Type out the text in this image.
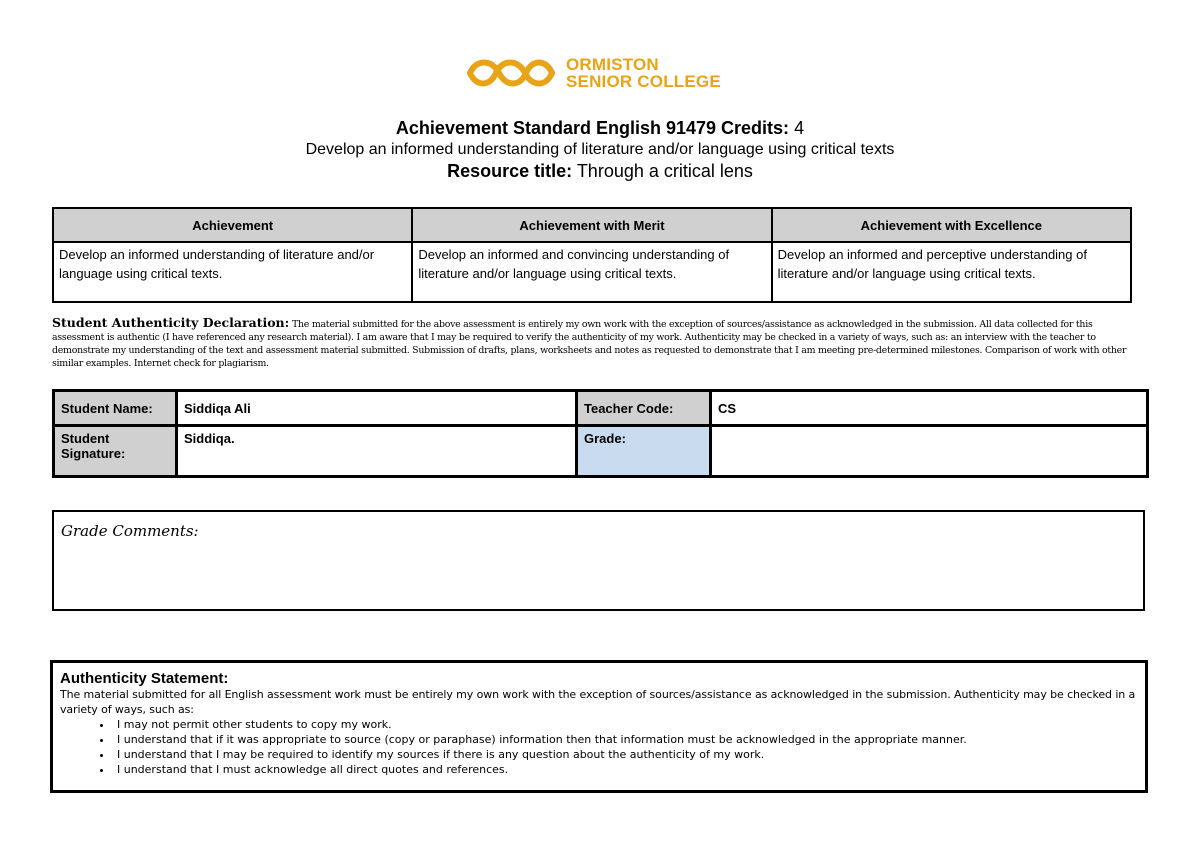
ORMISTON
SENIOR COLLEGE
Achievement Standard English 91479 Credits: 4
Develop an informed understanding of literature and/or language using critical texts
Resource title: Through a critical lens
Achievement	Achievement with Merit	Achievement with Excellence
Develop an informed understanding of literature and/or language using critical texts.	Develop an informed and convincing understanding of literature and/or language using critical texts.	Develop an informed and perceptive understanding of literature and/or language using critical texts.
Student Authenticity Declaration: The material submitted for the above assessment is entirely my own work with the exception of sources/assistance as acknowledged in the submission. All data collected for this assessment is authentic (I have referenced any research material). I am aware that I may be required to verify the authenticity of my work. Authenticity may be checked in a variety of ways, such as: an interview with the teacher to demonstrate my understanding of the text and assessment material submitted. Submission of drafts, plans, worksheets and notes as requested to demonstrate that I am meeting pre-determined milestones. Comparison of work with other similar examples. Internet check for plagiarism.
Student Name:	Siddiqa Ali	Teacher Code:	CS
Student Signature:	Siddiqa.	Grade:	
Grade Comments:
Authenticity Statement:

The material submitted for all English assessment work must be entirely my own work with the exception of sources/assistance as acknowledged in the submission. Authenticity may be checked in a variety of ways, such as:

• I may not permit other students to copy my work.
• I understand that if it was appropriate to source (copy or paraphase) information then that information must be acknowledged in the appropriate manner.
• I understand that I may be required to identify my sources if there is any question about the authenticity of my work.
• I understand that I must acknowledge all direct quotes and references.
